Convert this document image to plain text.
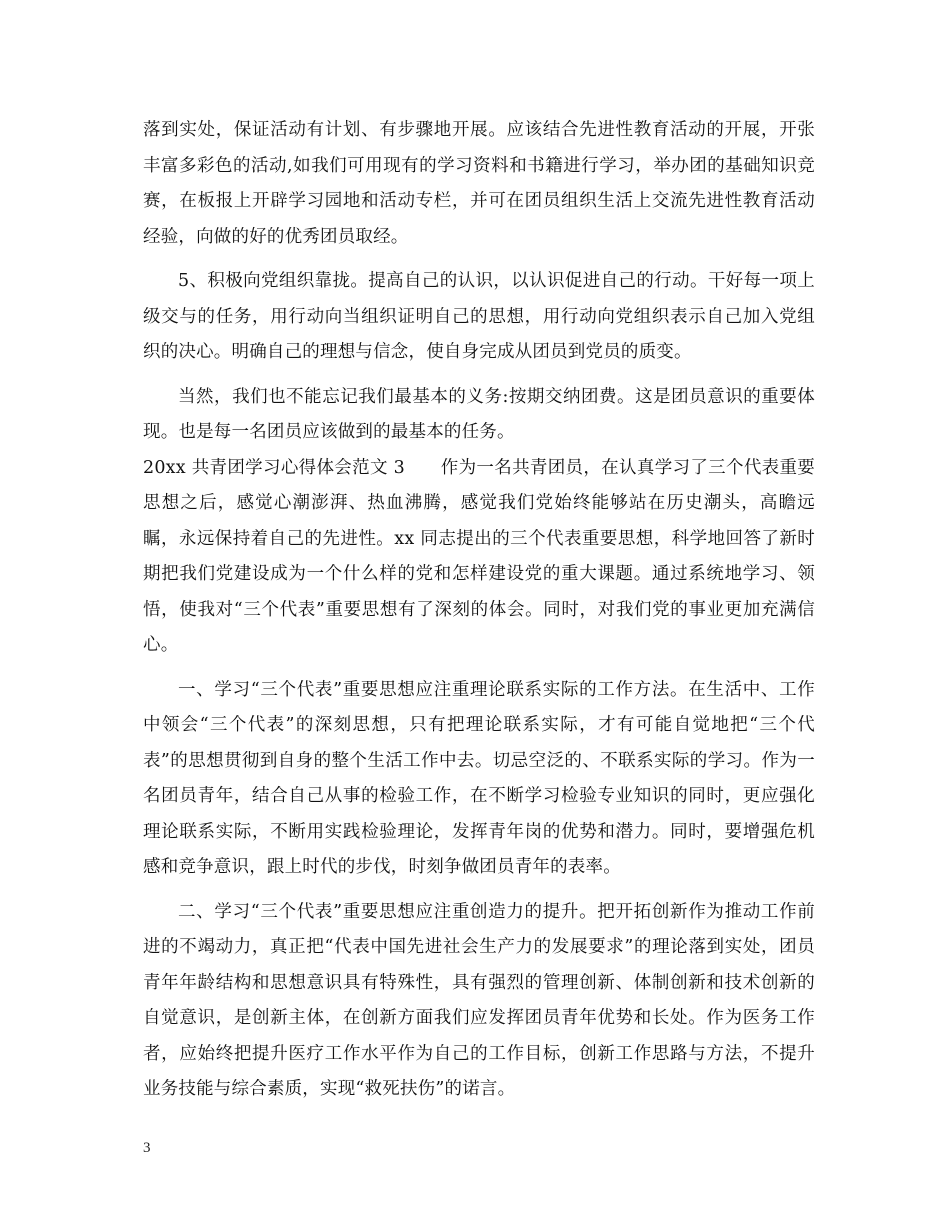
落到实处，保证活动有计划、有步骤地开展。应该结合先进性教育活动的开展，开张丰富多彩色的活动,如我们可用现有的学习资料和书籍进行学习，举办团的基础知识竞赛，在板报上开辟学习园地和活动专栏，并可在团员组织生活上交流先进性教育活动经验，向做的好的优秀团员取经。

5、积极向党组织靠拢。提高自己的认识，以认识促进自己的行动。干好每一项上级交与的任务，用行动向当组织证明自己的思想，用行动向党组织表示自己加入党组织的决心。明确自己的理想与信念，使自身完成从团员到党员的质变。

当然，我们也不能忘记我们最基本的义务:按期交纳团费。这是团员意识的重要体现。也是每一名团员应该做到的最基本的任务。

20xx 共青团学习心得体会范文 3　　作为一名共青团员，在认真学习了三个代表重要思想之后，感觉心潮澎湃、热血沸腾，感觉我们党始终能够站在历史潮头，高瞻远瞩，永远保持着自己的先进性。xx 同志提出的三个代表重要思想，科学地回答了新时期把我们党建设成为一个什么样的党和怎样建设党的重大课题。通过系统地学习、领悟，使我对“三个代表”重要思想有了深刻的体会。同时，对我们党的事业更加充满信心。

一、学习“三个代表”重要思想应注重理论联系实际的工作方法。在生活中、工作中领会“三个代表”的深刻思想，只有把理论联系实际，才有可能自觉地把“三个代表”的思想贯彻到自身的整个生活工作中去。切忌空泛的、不联系实际的学习。作为一名团员青年，结合自己从事的检验工作，在不断学习检验专业知识的同时，更应强化理论联系实际，不断用实践检验理论，发挥青年岗的优势和潜力。同时，要增强危机感和竞争意识，跟上时代的步伐，时刻争做团员青年的表率。

二、学习“三个代表”重要思想应注重创造力的提升。把开拓创新作为推动工作前进的不竭动力，真正把“代表中国先进社会生产力的发展要求”的理论落到实处，团员青年年龄结构和思想意识具有特殊性，具有强烈的管理创新、体制创新和技术创新的自觉意识，是创新主体，在创新方面我们应发挥团员青年优势和长处。作为医务工作者，应始终把提升医疗工作水平作为自己的工作目标，创新工作思路与方法，不提升业务技能与综合素质，实现“救死扶伤”的诺言。

3
